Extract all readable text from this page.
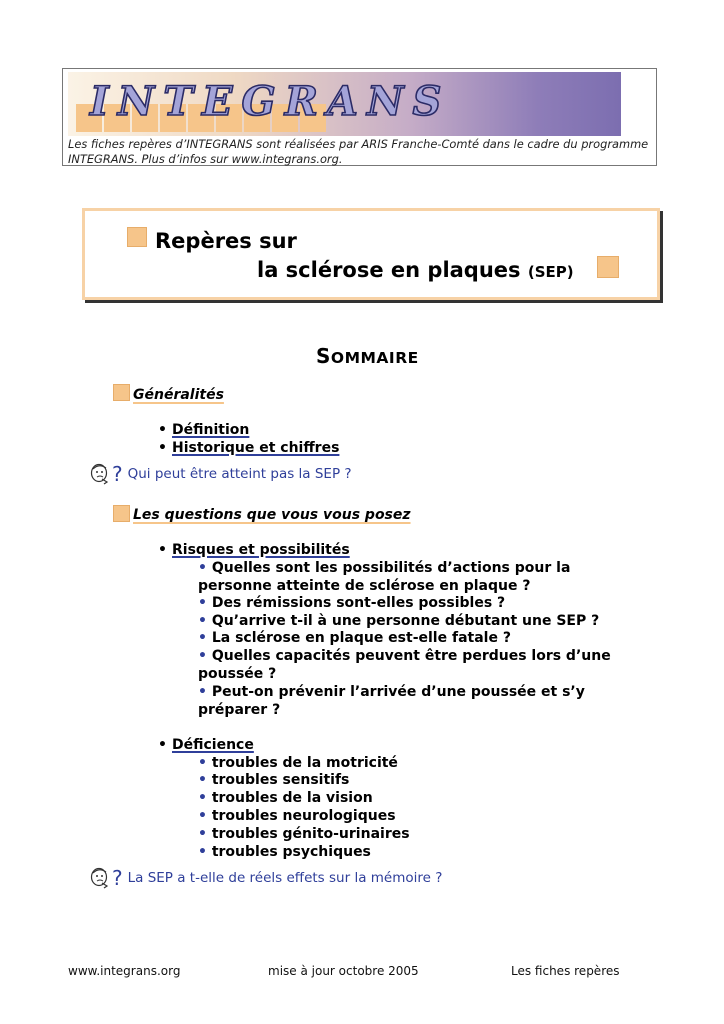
INTEGRANS
Les fiches repères d’INTEGRANS sont réalisées par ARIS Franche-Comté dans le cadre du programme INTEGRANS. Plus d’infos sur www.integrans.org.
Repères sur
la sclérose en plaques (SEP)
SOMMAIRE
Généralités
• Définition
• Historique et chiffres
? Qui peut être atteint pas la SEP ?
Les questions que vous vous posez
• Risques et possibilités
• Quelles sont les possibilités d’actions pour la personne atteinte de sclérose en plaque ?
• Des rémissions sont-elles possibles ?
• Qu’arrive t-il à une personne débutant une SEP ?
• La sclérose en plaque est-elle fatale ?
• Quelles capacités peuvent être perdues lors d’une poussée ?
• Peut-on prévenir l’arrivée d’une poussée et s’y préparer ?
• Déficience
• troubles de la motricité
• troubles sensitifs
• troubles de la vision
• troubles neurologiques
• troubles génito-urinaires
• troubles psychiques
? La SEP a t-elle de réels effets sur la mémoire ?
www.integrans.org	mise à jour octobre 2005	Les fiches repères
